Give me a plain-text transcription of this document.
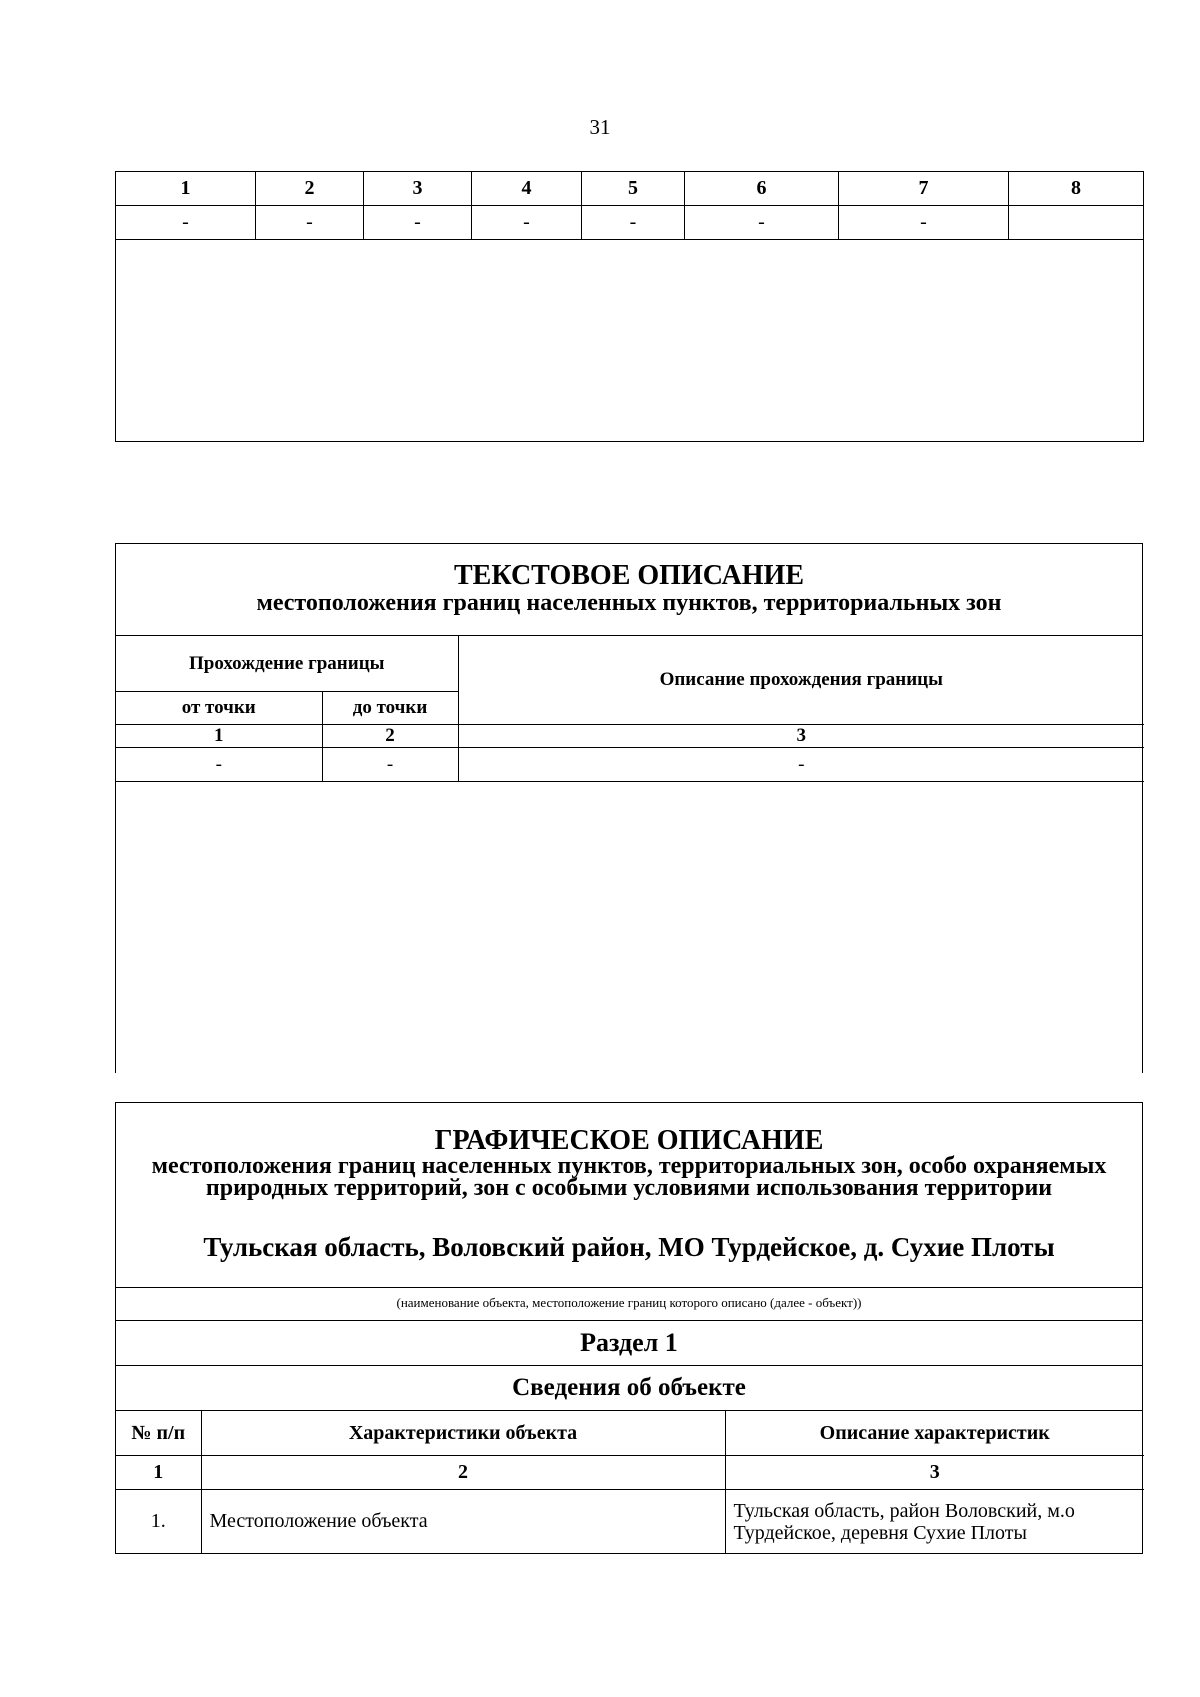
31
1	2	3	4	5	6	7	8
-	-	-	-	-	-	-	

ТЕКСТОВОЕ ОПИСАНИЕ
местоположения границ населенных пунктов, территориальных зон
Прохождение границы		Описание прохождения границы
от точки	до точки	
1	2	3
-	-	-
ГРАФИЧЕСКОЕ ОПИСАНИЕ
местоположения границ населенных пунктов, территориальных зон, особо охраняемых природных территорий, зон с особыми условиями использования территории
Тульская область, Воловский район, МО Турдейское, д. Сухие Плоты
(наименование объекта, местоположение границ которого описано (далее - объект))
Раздел 1
Сведения об объекте
№ п/п	Характеристики объекта	Описание характеристик
1	2	3
1.	Местоположение объекта	Тульская область, район Воловский, м.о Турдейское, деревня Сухие Плоты
